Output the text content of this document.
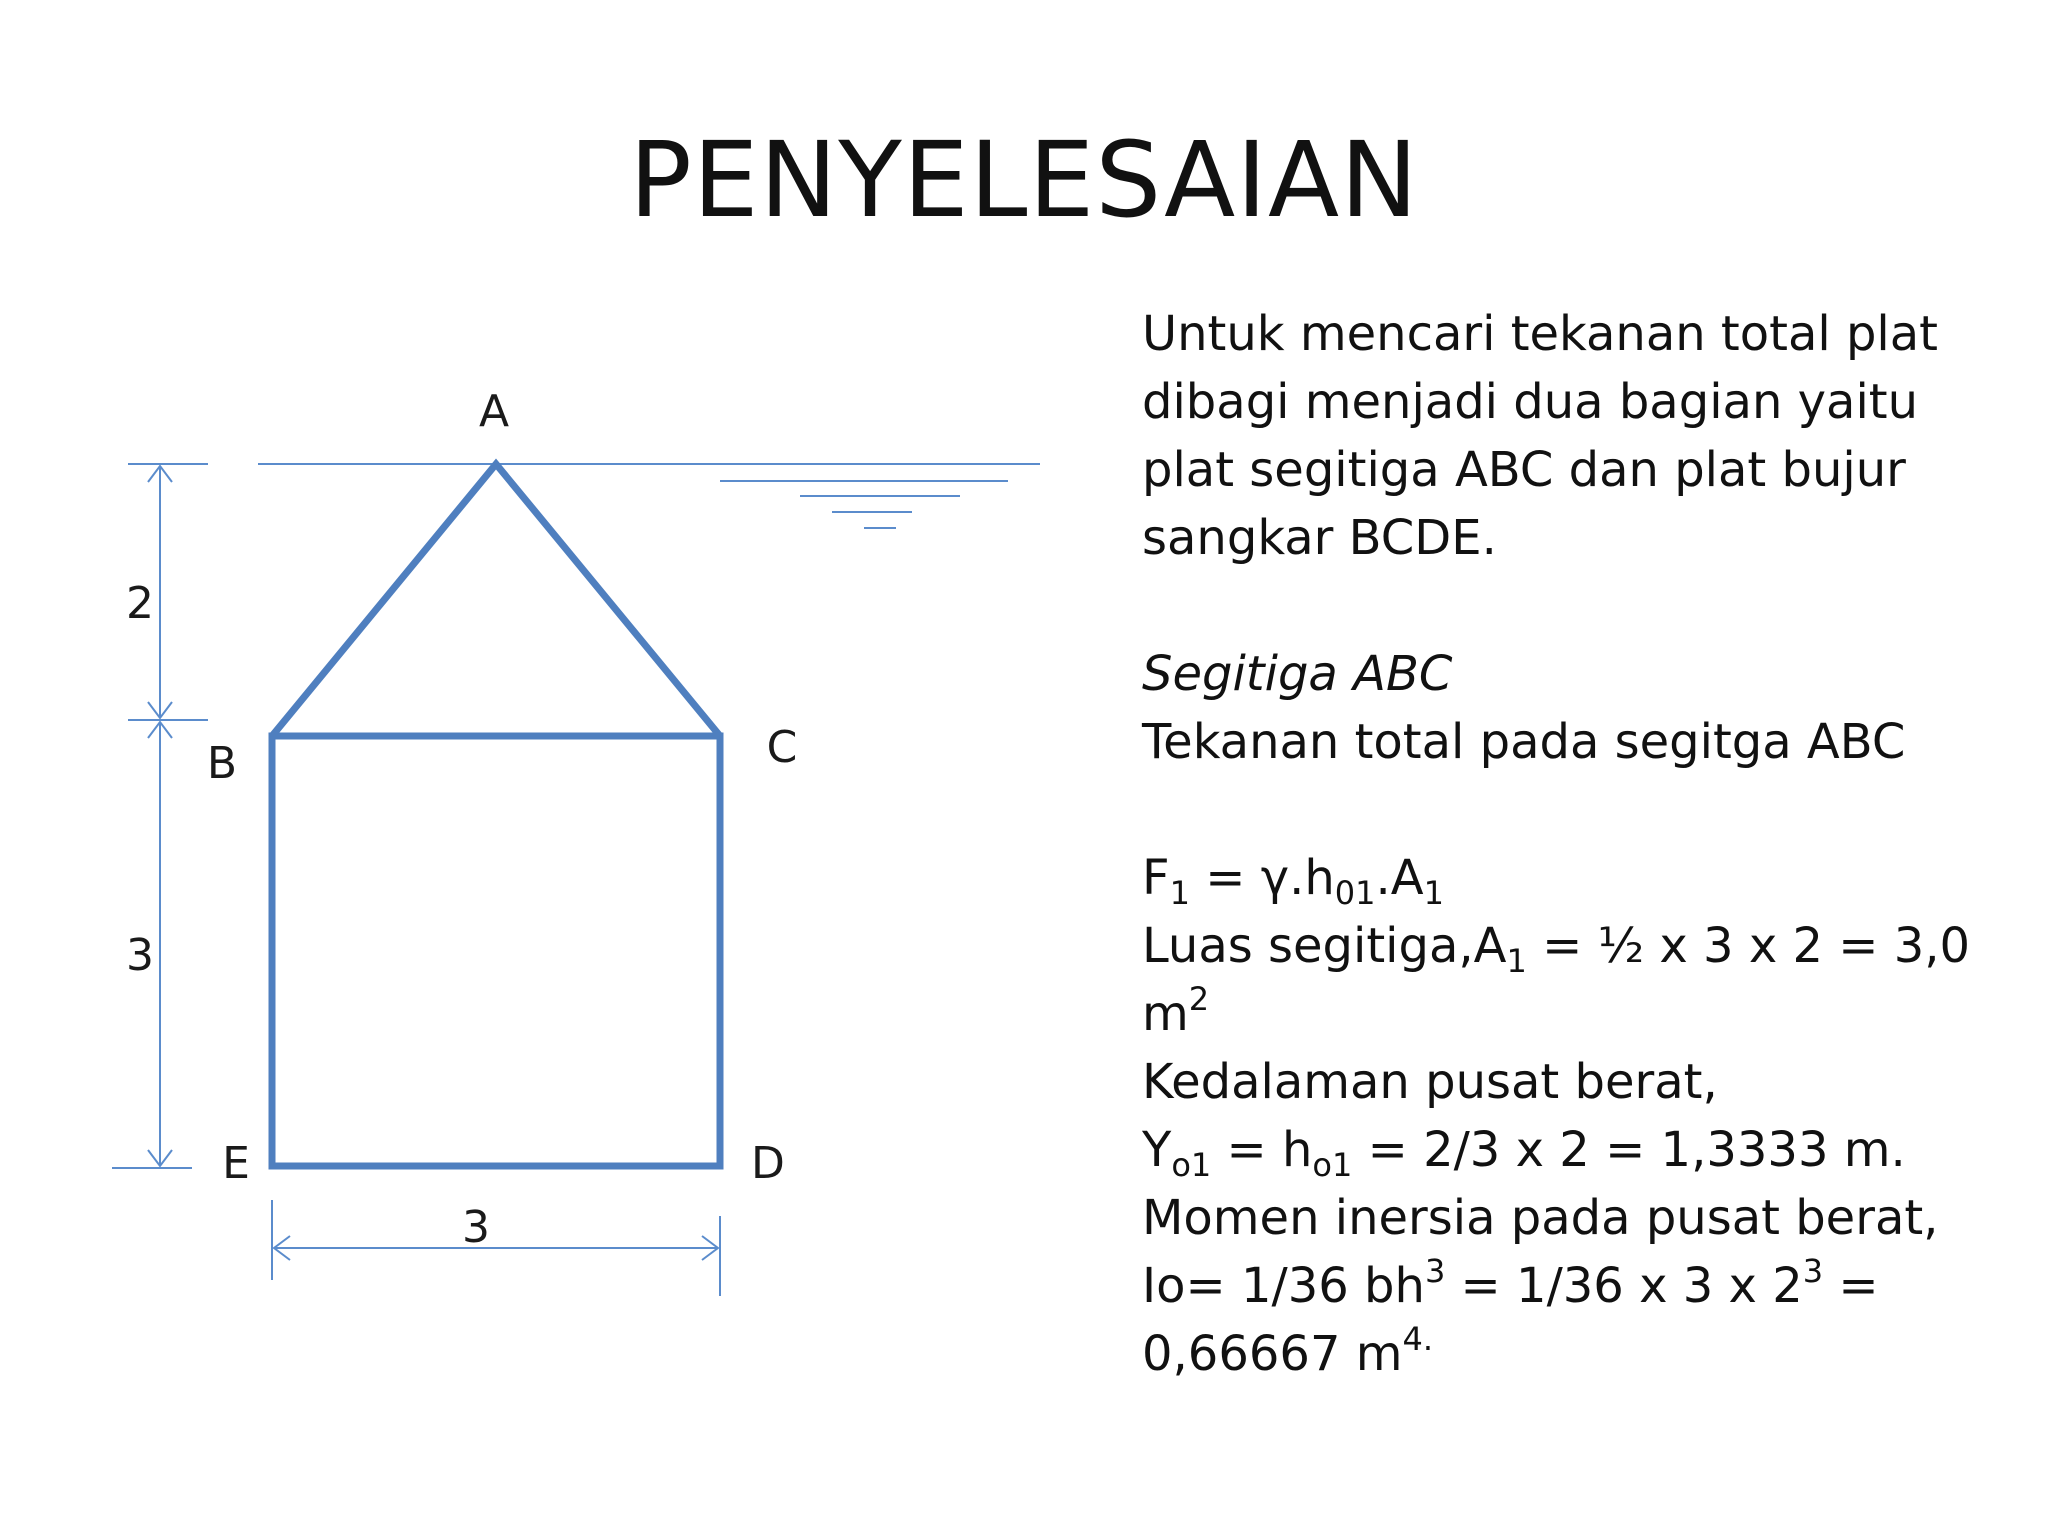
PENYELESAIAN
A
B	C
D
E
2
3
3

Untuk mencari tekanan total plat

dibagi menjadi dua bagian yaitu

plat segitiga ABC dan plat bujur

sangkar BCDE.

Segitiga ABC

Tekanan total pada segitga ABC

$F_1 = \gamma.h_{01}.A_1$

Luas $segitiga,A_1$ = ½ x 3 x 2 = 3,0

$m^2$

Kedalaman pusat berat,

$Y_{o1} = h_{o1} = 2/3$ x 2 = 1,3333 m.

Momen inersia pada pusat berat,

Io= 1/36 $bh^3 = 1/36$ x 3 x $2^3$ =

0,66667 $m^{4.}$
